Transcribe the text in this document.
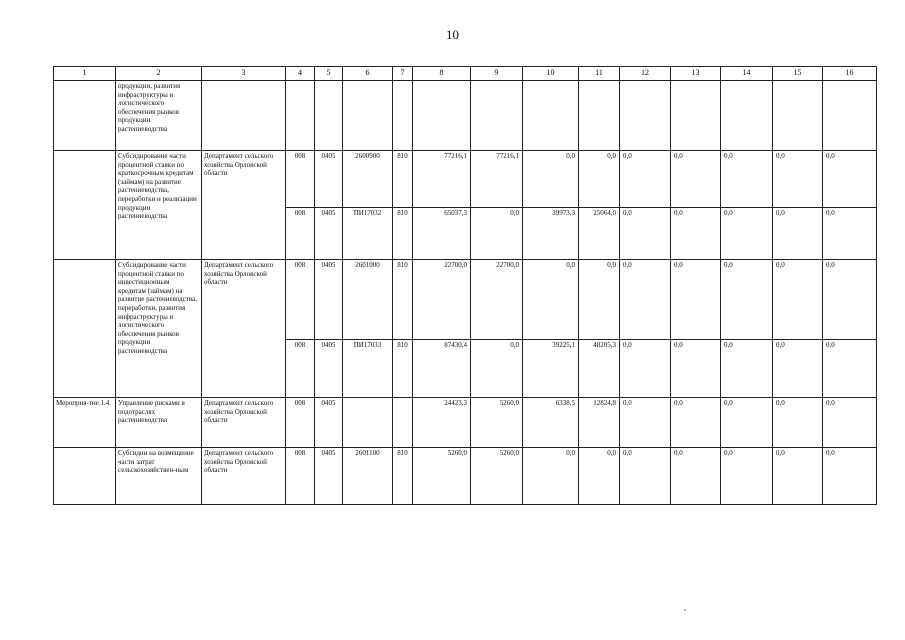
10
1	2	3	4	5	6	7	8	9	10	11	12	13	14	15	16
	продукции, развития инфраструктуры и логистического обеспечения рынков продукции растениеводства														
	Субсидирование части процентной ставки по краткосрочным кредитам (займам) на развитие растениеводства, переработки и реализации продукции растениеводства	Департамент сельского хозяйства Орловской области	008	0405	2600900	810	77216,1	77216,1	0,0	0,0	0,0	0,0	0,0	0,0	0,0
			008	0405	ПИ17032	810	65037,3	0,0	39973,3	25064,0	0,0	0,0	0,0	0,0	0,0
	Субсидирование части процентной ставки по инвестиционным кредитам (займам) на развитие растениеводства, переработки, развития инфраструктуры и логистического обеспечения рынков продукции растениеводства	Департамент сельского хозяйства Орловской области	008	0405	2601000	810	22700,0	22700,0	0,0	0,0	0,0	0,0	0,0	0,0	0,0
			008	0405	ПИ17033	810	87430,4	0,0	39225,1	48205,3	0,0	0,0	0,0	0,0	0,0
Мероприя-тие 1.4.	Управление рисками в подотраслях растениеводства	Департамент сельского хозяйства Орловской области	008	0405			24423,3	5260,0	6338,5	12824,8	0,0	0,0	0,0	0,0	0,0
	Субсидии на возмещение части затрат сельскохозяйствен-ным	Департамент сельского хозяйства Орловской области	008	0405	2601100	810	5260,0	5260,0	0,0	0,0	0,0	0,0	0,0	0,0	0,0
